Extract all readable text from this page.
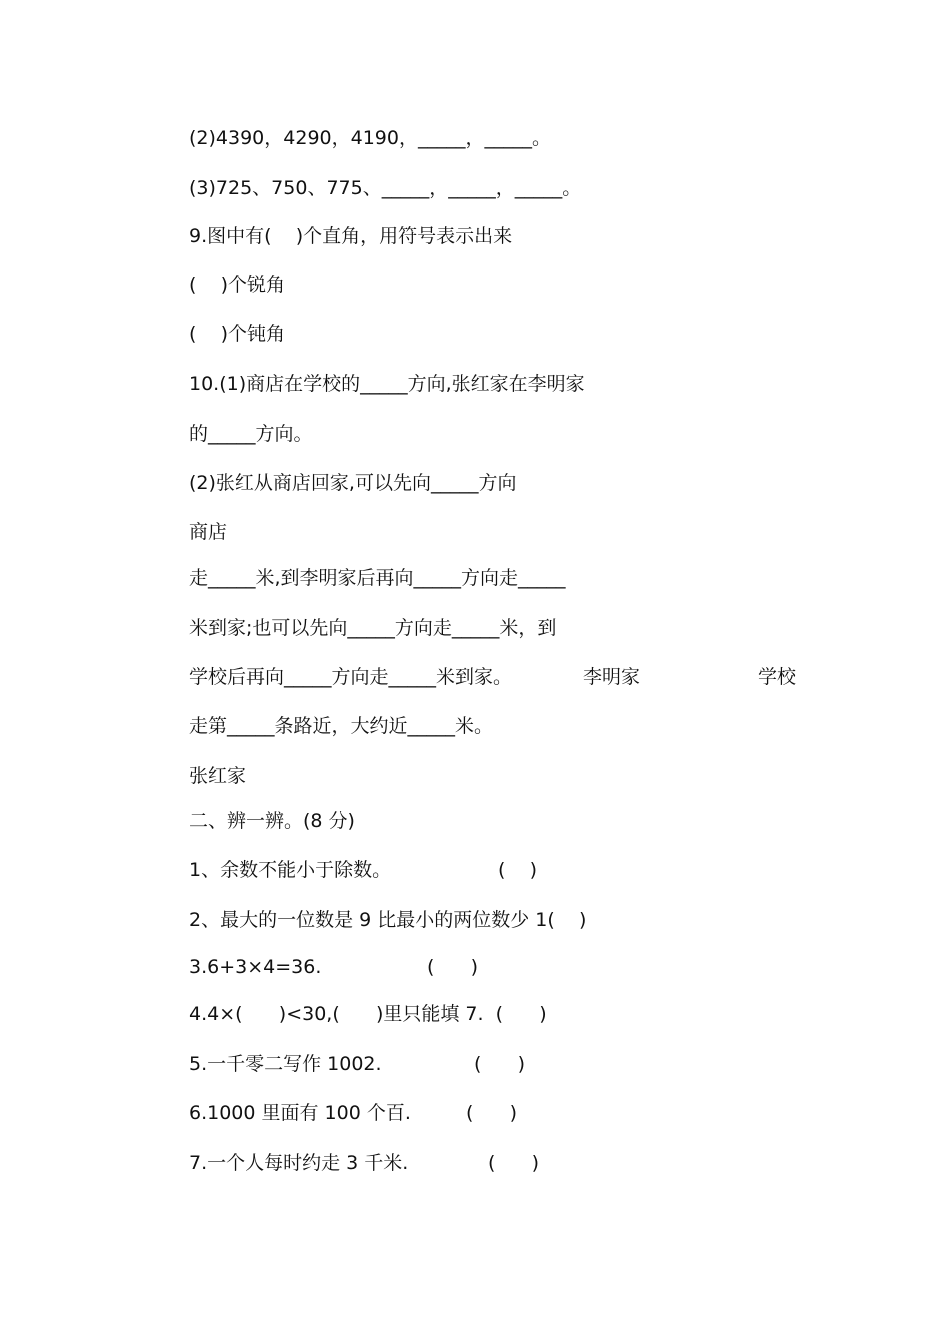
(2)4390，4290，4190，_____，_____。
(3)725、750、775、_____，_____，_____。
9.图中有(    )个直角，用符号表示出来
(    )个锐角
(    )个钝角
10.(1)商店在学校的_____方向,张红家在李明家
的_____方向。
(2)张红从商店回家,可以先向_____方向
商店
走_____米,到李明家后再向_____方向走_____
米到家;也可以先向_____方向走_____米，到
学校后再向_____方向走_____米到家。	李明家	学校
走第_____条路近，大约近_____米。
张红家
二、辨一辨。(8 分)
1、余数不能小于除数。	(    )
2、最大的一位数是 9 比最小的两位数少 1(    )
3.6+3×4=36.	(      )
4.4×(      )<30,(      )里只能填 7.  (      )
5.一千零二写作 1002.	(      )
6.1000 里面有 100 个百.	(      )
7.一个人每时约走 3 千米.	(      )
